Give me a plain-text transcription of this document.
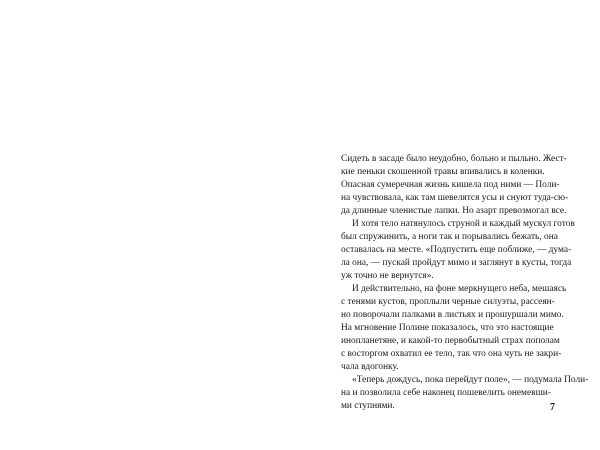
Сидеть в засаде было неудобно, больно и пыльно. Жест-
кие пеньки скошенной травы впивались в коленки.
Опасная сумеречная жизнь кишела под ними — Поли-
на чувствовала, как там шевелятся усы и снуют туда-сю-
да длинные членистые лапки. Но азарт превозмогал все.
И хотя тело натянулось струной и каждый мускул готов
был спружинить, а ноги так и порывались бежать, она
оставалась на месте. «Подпустить еще поближе, — дума-
ла она, — пускай пройдут мимо и заглянут в кусты, тогда
уж точно не вернутся».
И действительно, на фоне меркнущего неба, мешаясь
с тенями кустов, проплыли черные силуэты, рассеян-
но поворочали палками в листьях и прошуршали мимо.
На мгновение Полине показалось, что это настоящие
инопланетяне, и какой-то первобытный страх пополам
с восторгом охватил ее тело, так что она чуть не закри-
чала вдогонку.
«Теперь дождусь, пока перейдут поле», — подумала Поли-
на и позволила себе наконец пошевелить онемевши-
ми ступнями.	7
